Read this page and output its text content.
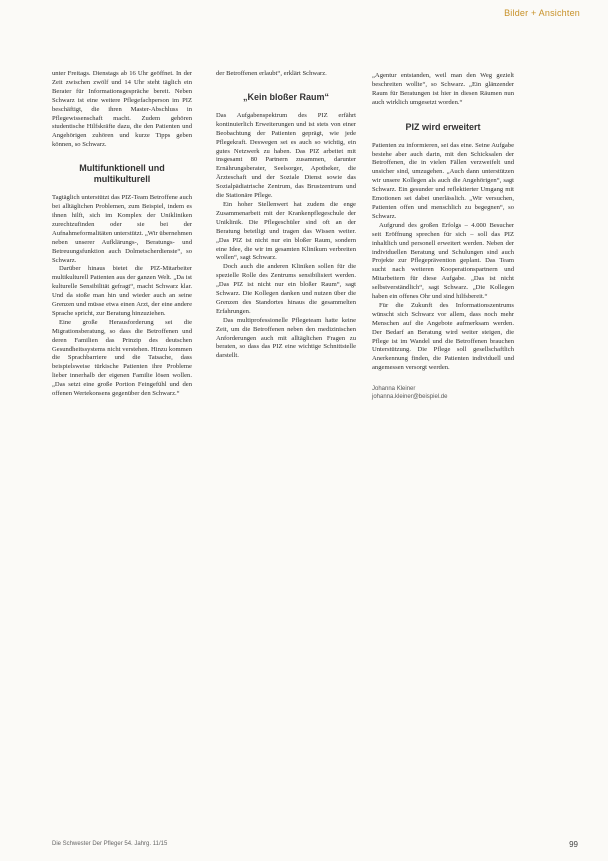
Bilder + Ansichten

unter Freitags. Dienstags ab 16 Uhr geöffnet. In der Zeit zwischen zwölf und 14 Uhr steht täglich ein Berater für Informationsgespräche bereit. Neben Schwarz ist eine weitere Pflegefachperson im PIZ beschäftigt, die ihren Master-Abschluss in Pflegewissenschaft macht. Zudem gehören studentische Hilfskräfte dazu, die den Patienten und Angehörigen zuhören und kurze Tipps geben können, so Schwarz.

Multifunktionell und multikulturell

Tagtäglich unterstützt das PIZ-Team Betroffene auch bei alltäglichen Problemen, zum Beispiel, indem es ihnen hilft, sich im Komplex der Unikliniken zurechtzufinden oder sie bei der Aufnahmeformalitäten unterstützt. „Wir übernehmen neben unserer Aufklärungs-, Beratungs- und Betreuungsfunktion auch Dolmetscherdienste“, so Schwarz.

Darüber hinaus bietet die PIZ-Mitarbeiter multikulturell Patienten aus der ganzen Welt. „Da ist kulturelle Sensibilität gefragt“, macht Schwarz klar. Und da stoße man hin und wieder auch an seine Grenzen und müsse etwa einen Arzt, der eine andere Sprache spricht, zur Beratung hinzuziehen.

Eine große Herausforderung sei die Migrationsberatung, so dass die Betroffenen und deren Familien das Prinzip des deutschen Gesundheitssystems nicht verstehen. Hinzu kommen die Sprachbarriere und die Tatsache, dass beispielsweise türkische Patienten ihre Probleme lieber innerhalb der eigenen Familie lösen wollen. „Das setzt eine große Portion Feingefühl und den offenen Wertekonsens gegenüber den Schwarz.“

der Betroffenen erlaubt“, erklärt Schwarz.

„Kein bloßer Raum“

Das Aufgabenspektrum des PIZ erfährt kontinuierlich Erweiterungen und ist stets von einer Beobachtung der Patienten geprägt, wie jede Pflegekraft. Deswegen sei es auch so wichtig, ein gutes Netzwerk zu haben. Das PIZ arbeitet mit insgesamt 80 Partnern zusammen, darunter Ernährungsberater, Seelsorger, Apotheker, die Ärzteschaft und der Soziale Dienst sowie das Sozialpädiatrische Zentrum, das Brustzentrum und die Stationäre Pflege.

Ein hoher Stellenwert hat zudem die enge Zusammenarbeit mit der Krankenpflegeschule der Uniklinik. Die Pflegeschüler sind oft an der Beratung beteiligt und tragen das Wissen weiter. „Das PIZ ist nicht nur ein bloßer Raum, sondern eine Idee, die wir im gesamten Klinikum verbreiten wollen“, sagt Schwarz.

Doch auch die anderen Kliniken sollen für die spezielle Rolle des Zentrums sensibilisiert werden. „Das PIZ ist nicht nur ein bloßer Raum“, sagt Schwarz. Die Kollegen danken und nutzen über die Grenzen des Standortes hinaus die gesammelten Erfahrungen.

Das multiprofessionelle Pflegeteam hatte keine Zeit, um die Betroffenen neben den medizinischen Anforderungen auch mit alltäglichen Fragen zu beraten, so dass das PIZ eine wichtige Schnittstelle darstellt.

„Agentur entstanden, weil man den Weg gezielt beschreiten wollte“, so Schwarz. „Ein glänzender Raum für Beratungen ist hier in diesen Räumen nun auch wirklich umgesetzt worden.“

PIZ wird erweitert

Patienten zu informieren, sei das eine. Seine Aufgabe bestehe aber auch darin, mit den Schicksalen der Betroffenen, die in vielen Fällen verzweifelt und unsicher sind, umzugehen. „Auch dann unterstützen wir unsere Kollegen als auch die Angehörigen“, sagt Schwarz. Ein gesunder und reflektierter Umgang mit Emotionen sei dabei unerlässlich. „Wir versuchen, Patienten offen und menschlich zu begegnen“, so Schwarz.

Aufgrund des großen Erfolgs – 4.000 Besucher seit Eröffnung sprechen für sich – soll das PIZ inhaltlich und personell erweitert werden. Neben der individuellen Beratung und Schulungen sind auch Projekte zur Pflegeprävention geplant. Das Team sucht nach weiteren Kooperationspartnern und Mitarbeitern für diese Aufgabe. „Das ist nicht selbstverständlich“, sagt Schwarz. „Die Kollegen haben ein offenes Ohr und sind hilfsbereit.“

Für die Zukunft des Informationszentrums wünscht sich Schwarz vor allem, dass noch mehr Menschen auf die Angebote aufmerksam werden. Der Bedarf an Beratung wird weiter steigen, die Pflege ist im Wandel und die Betroffenen brauchen Unterstützung. Die Pflege soll gesellschaftlich Anerkennung finden, die Patienten individuell und angemessen versorgt werden.

Johanna Kleiner
johanna.kleiner@beispiel.de
Die Schwester Der Pfleger 54. Jahrg. 11/15	99
